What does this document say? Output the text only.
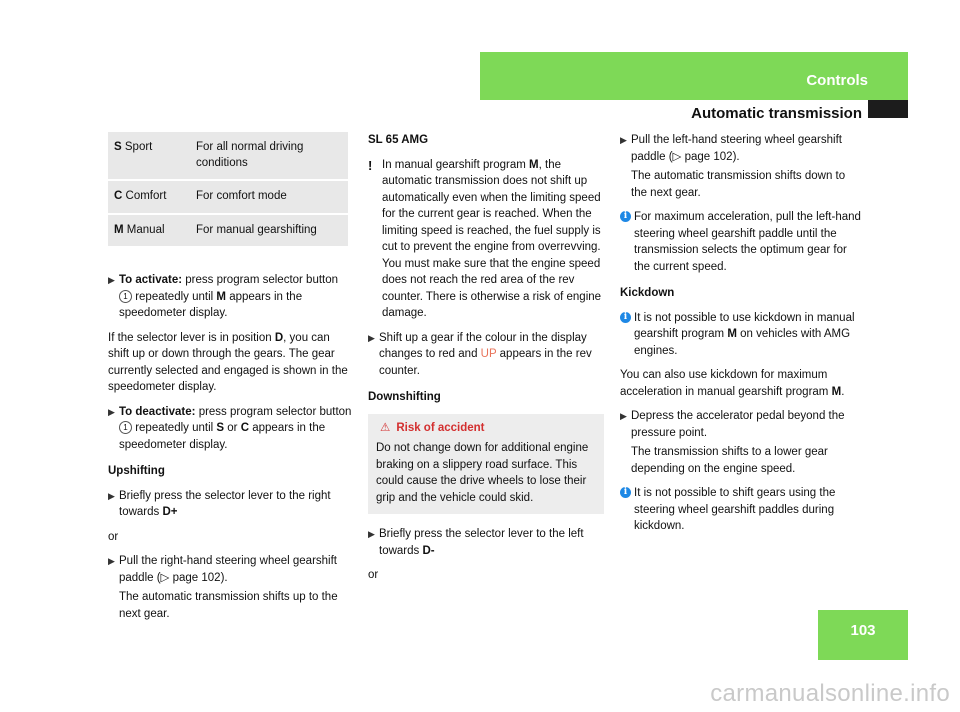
Controls
Automatic transmission
S Sport	For all normal driving conditions
C Comfort	For comfort mode
M Manual	For manual gearshifting
▶ To activate: press program selector button 1 repeatedly until M appears in the speedometer display.

If the selector lever is in position D, you can shift up or down through the gears. The gear currently selected and engaged is shown in the speedometer display.

▶ To deactivate: press program selector button 1 repeatedly until S or C appears in the speedometer display.
Upshifting
▶ Briefly press the selector lever to the right towards D+

or

▶ Pull the right-hand steering wheel gearshift paddle (▷ page 102).
The automatic transmission shifts up to the next gear.
SL 65 AMG
! In manual gearshift program M, the automatic transmission does not shift up automatically even when the limiting speed for the current gear is reached. When the limiting speed is reached, the fuel supply is cut to prevent the engine from overrevving. You must make sure that the engine speed does not reach the red area of the rev counter. There is otherwise a risk of engine damage.
▶ Shift up a gear if the colour in the display changes to red and UP appears in the rev counter.
Downshifting
⚠ Risk of accident
Do not change down for additional engine braking on a slippery road surface. This could cause the drive wheels to lose their grip and the vehicle could skid.
▶ Briefly press the selector lever to the left towards D-

or

▶ Pull the left-hand steering wheel gearshift paddle (▷ page 102).
The automatic transmission shifts down to the next gear.
i For maximum acceleration, pull the left-hand steering wheel gearshift paddle until the transmission selects the optimum gear for the current speed.
Kickdown
i It is not possible to use kickdown in manual gearshift program M on vehicles with AMG engines.

You can also use kickdown for maximum acceleration in manual gearshift program M.

▶ Depress the accelerator pedal beyond the pressure point.
The transmission shifts to a lower gear depending on the engine speed.
i It is not possible to shift gears using the steering wheel gearshift paddles during kickdown.
103
carmanualsonline.info
